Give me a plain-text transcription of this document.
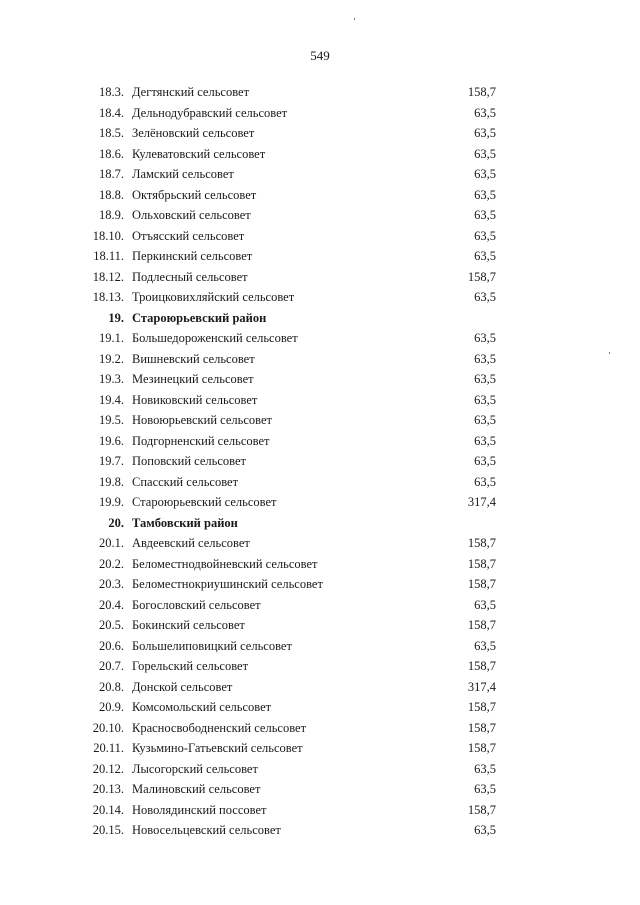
549
18.3. Дегтянский сельсовет	158,7
18.4. Дельнодубравский сельсовет	63,5
18.5. Зелёновский сельсовет	63,5
18.6. Кулеватовский сельсовет	63,5
18.7. Ламский сельсовет	63,5
18.8. Октябрьский сельсовет	63,5
18.9. Ольховский сельсовет	63,5
18.10. Отъясский сельсовет	63,5
18.11. Перкинский сельсовет	63,5
18.12. Подлесный сельсовет	158,7
18.13. Троицковихляйский сельсовет	63,5
19. Староюрьевский район
19.1. Большедороженский сельсовет	63,5
19.2. Вишневский сельсовет	63,5
19.3. Мезинецкий сельсовет	63,5
19.4. Новиковский сельсовет	63,5
19.5. Новоюрьевский сельсовет	63,5
19.6. Подгорненский сельсовет	63,5
19.7. Поповский сельсовет	63,5
19.8. Спасский сельсовет	63,5
19.9. Староюрьевский сельсовет	317,4
20. Тамбовский район
20.1. Авдеевский сельсовет	158,7
20.2. Беломестнодвойневский сельсовет	158,7
20.3. Беломестнокриушинский сельсовет	158,7
20.4. Богословский сельсовет	63,5
20.5. Бокинский сельсовет	158,7
20.6. Большелиповицкий сельсовет	63,5
20.7. Горельский сельсовет	158,7
20.8. Донской сельсовет	317,4
20.9. Комсомольский сельсовет	158,7
20.10. Красносвободненский сельсовет	158,7
20.11. Кузьмино-Гатьевский сельсовет	158,7
20.12. Лысогорский сельсовет	63,5
20.13. Малиновский сельсовет	63,5
20.14. Новолядинский поссовет	158,7
20.15. Новосельцевский сельсовет	63,5
